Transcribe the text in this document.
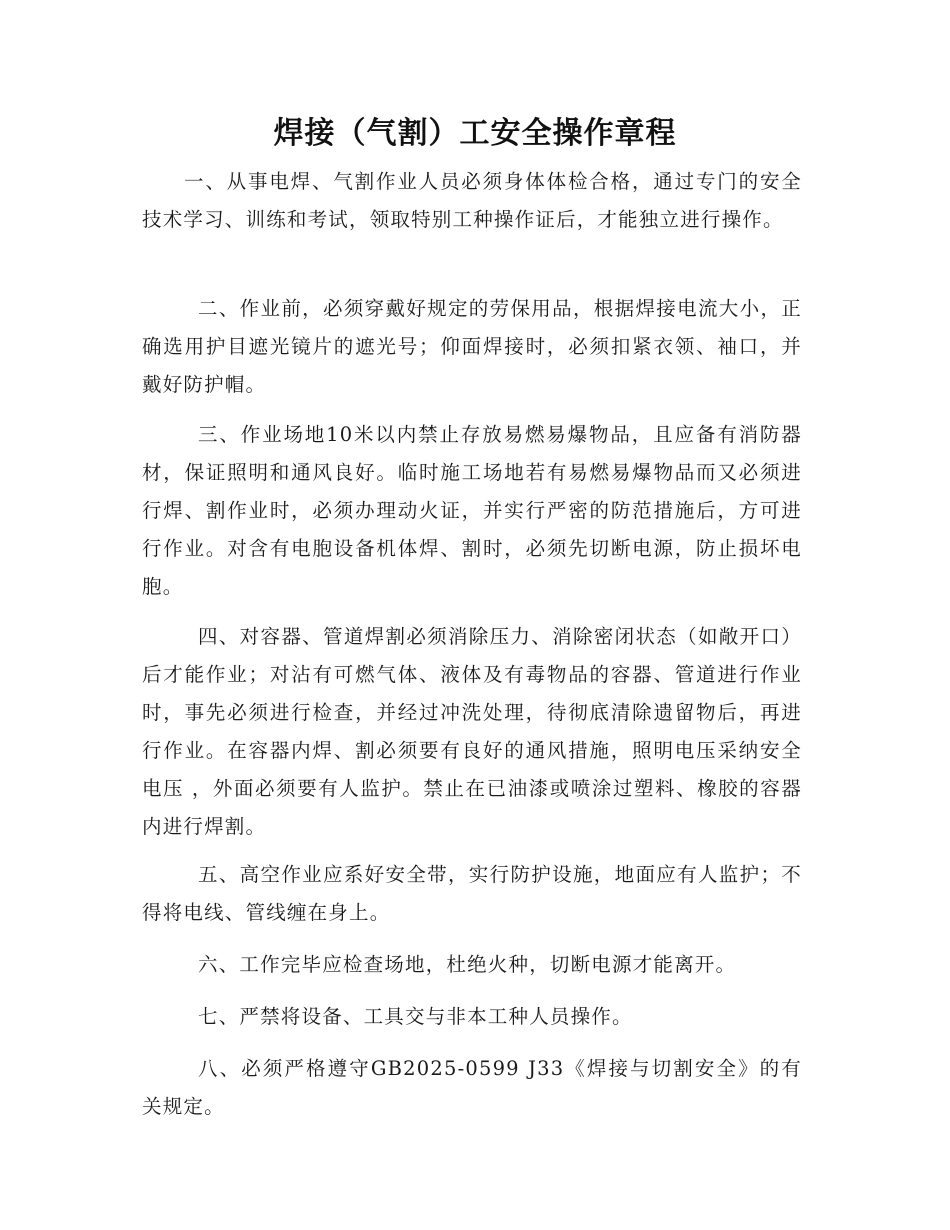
焊接（气割）工安全操作章程

一、从事电焊、气割作业人员必须身体体检合格，通过专门的安全技术学习、训练和考试，领取特别工种操作证后，才能独立进行操作。

二、作业前，必须穿戴好规定的劳保用品，根据焊接电流大小，正确选用护目遮光镜片的遮光号；仰面焊接时，必须扣紧衣领、袖口，并戴好防护帽。

三、作业场地10米以内禁止存放易燃易爆物品，且应备有消防器材，保证照明和通风良好。临时施工场地若有易燃易爆物品而又必须进行焊、割作业时，必须办理动火证，并实行严密的防范措施后，方可进行作业。对含有电胞设备机体焊、割时，必须先切断电源，防止损坏电胞。

四、对容器、管道焊割必须消除压力、消除密闭状态（如敞开口）后才能作业；对沾有可燃气体、液体及有毒物品的容器、管道进行作业时，事先必须进行检查，并经过冲洗处理，待彻底清除遗留物后，再进行作业。在容器内焊、割必须要有良好的通风措施，照明电压采纳安全电压 ，外面必须要有人监护。禁止在已油漆或喷涂过塑料、橡胶的容器内进行焊割。

五、高空作业应系好安全带，实行防护设施，地面应有人监护；不得将电线、管线缠在身上。

六、工作完毕应检查场地，杜绝火种，切断电源才能离开。

七、严禁将设备、工具交与非本工种人员操作。

八、必须严格遵守GB2025-0599 J33《焊接与切割安全》的有关规定。
